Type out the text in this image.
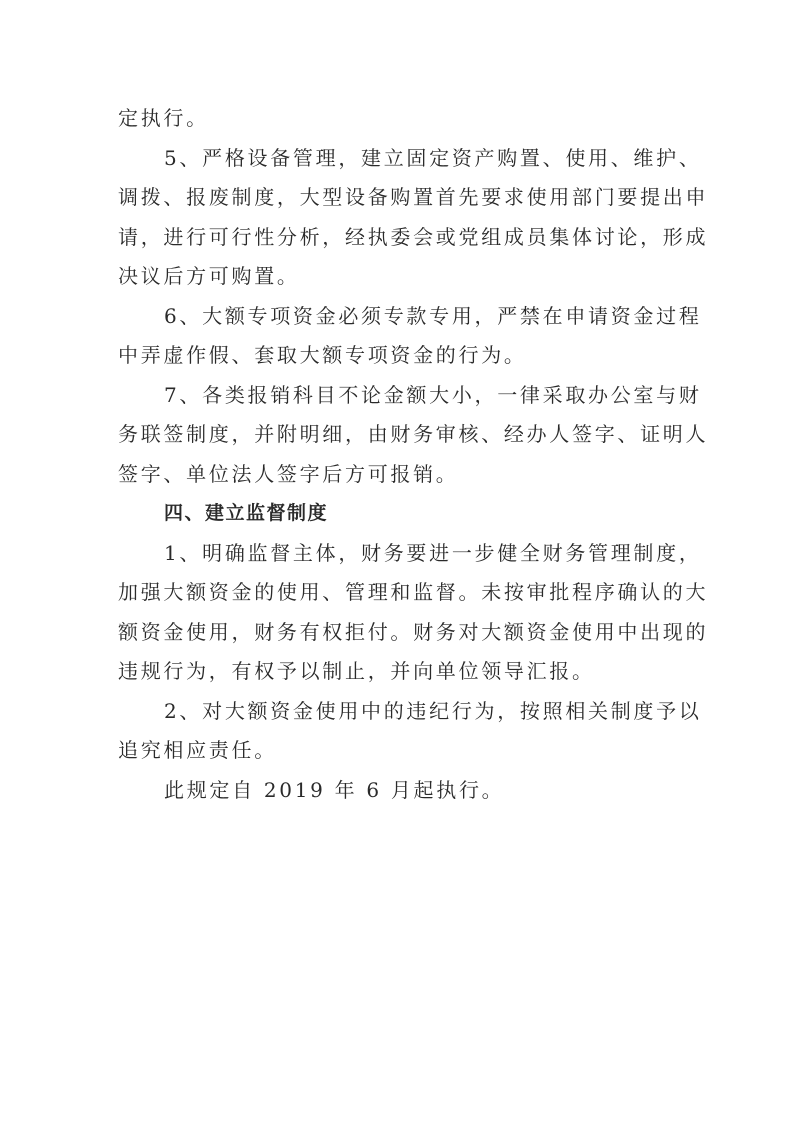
定执行。
5、严格设备管理，建立固定资产购置、使用、维护、
调拨、报废制度，大型设备购置首先要求使用部门要提出申
请，进行可行性分析，经执委会或党组成员集体讨论，形成
决议后方可购置。
6、大额专项资金必须专款专用，严禁在申请资金过程
中弄虚作假、套取大额专项资金的行为。
7、各类报销科目不论金额大小，一律采取办公室与财
务联签制度，并附明细，由财务审核、经办人签字、证明人
签字、单位法人签字后方可报销。
四、建立监督制度
1、明确监督主体，财务要进一步健全财务管理制度，
加强大额资金的使用、管理和监督。未按审批程序确认的大
额资金使用，财务有权拒付。财务对大额资金使用中出现的
违规行为，有权予以制止，并向单位领导汇报。
2、对大额资金使用中的违纪行为，按照相关制度予以
追究相应责任。
此规定自 2019 年 6 月起执行。
